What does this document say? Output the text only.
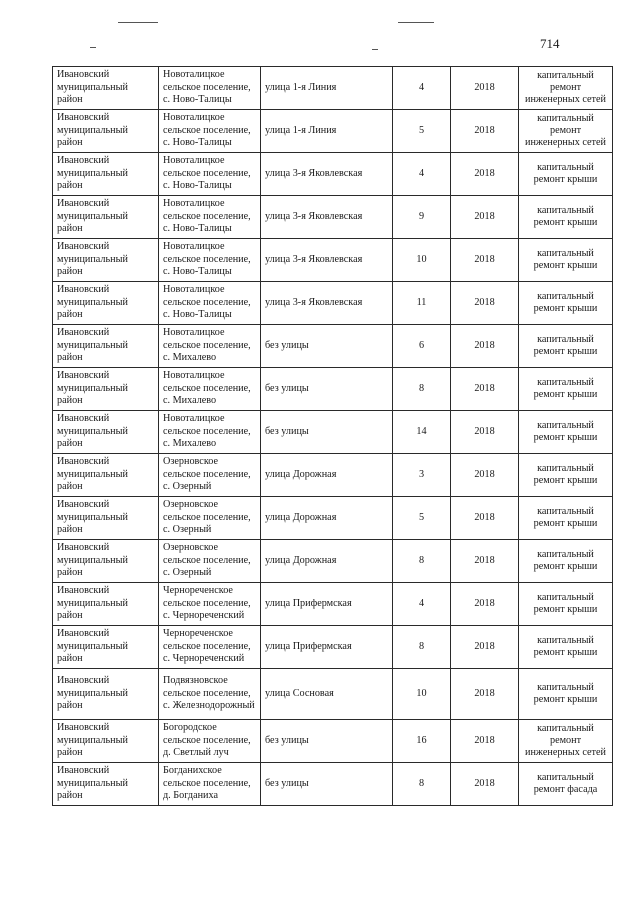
714
Ивановский муниципальный район	Новоталицкое сельское поселение, с. Ново-Талицы	улица 1-я Линия	4	2018	капитальный ремонт инженерных сетей
Ивановский муниципальный район	Новоталицкое сельское поселение, с. Ново-Талицы	улица 1-я Линия	5	2018	капитальный ремонт инженерных сетей
Ивановский муниципальный район	Новоталицкое сельское поселение, с. Ново-Талицы	улица 3-я Яковлевская	4	2018	капитальный ремонт крыши
Ивановский муниципальный район	Новоталицкое сельское поселение, с. Ново-Талицы	улица 3-я Яковлевская	9	2018	капитальный ремонт крыши
Ивановский муниципальный район	Новоталицкое сельское поселение, с. Ново-Талицы	улица 3-я Яковлевская	10	2018	капитальный ремонт крыши
Ивановский муниципальный район	Новоталицкое сельское поселение, с. Ново-Талицы	улица 3-я Яковлевская	11	2018	капитальный ремонт крыши
Ивановский муниципальный район	Новоталицкое сельское поселение, с. Михалево	без улицы	6	2018	капитальный ремонт крыши
Ивановский муниципальный район	Новоталицкое сельское поселение, с. Михалево	без улицы	8	2018	капитальный ремонт крыши
Ивановский муниципальный район	Новоталицкое сельское поселение, с. Михалево	без улицы	14	2018	капитальный ремонт крыши
Ивановский муниципальный район	Озерновское сельское поселение, с. Озерный	улица Дорожная	3	2018	капитальный ремонт крыши
Ивановский муниципальный район	Озерновское сельское поселение, с. Озерный	улица Дорожная	5	2018	капитальный ремонт крыши
Ивановский муниципальный район	Озерновское сельское поселение, с. Озерный	улица Дорожная	8	2018	капитальный ремонт крыши
Ивановский муниципальный район	Чернореченское сельское поселение, с. Чернореченский	улица Прифермская	4	2018	капитальный ремонт крыши
Ивановский муниципальный район	Чернореченское сельское поселение, с. Чернореченский	улица Прифермская	8	2018	капитальный ремонт крыши
Ивановский муниципальный район	Подвязновское сельское поселение, с. Железнодорожный	улица Сосновая	10	2018	капитальный ремонт крыши
Ивановский муниципальный район	Богородское сельское поселение, д. Светлый луч	без улицы	16	2018	капитальный ремонт инженерных сетей
Ивановский муниципальный район	Богданихское сельское поселение, д. Богданиха	без улицы	8	2018	капитальный ремонт фасада
